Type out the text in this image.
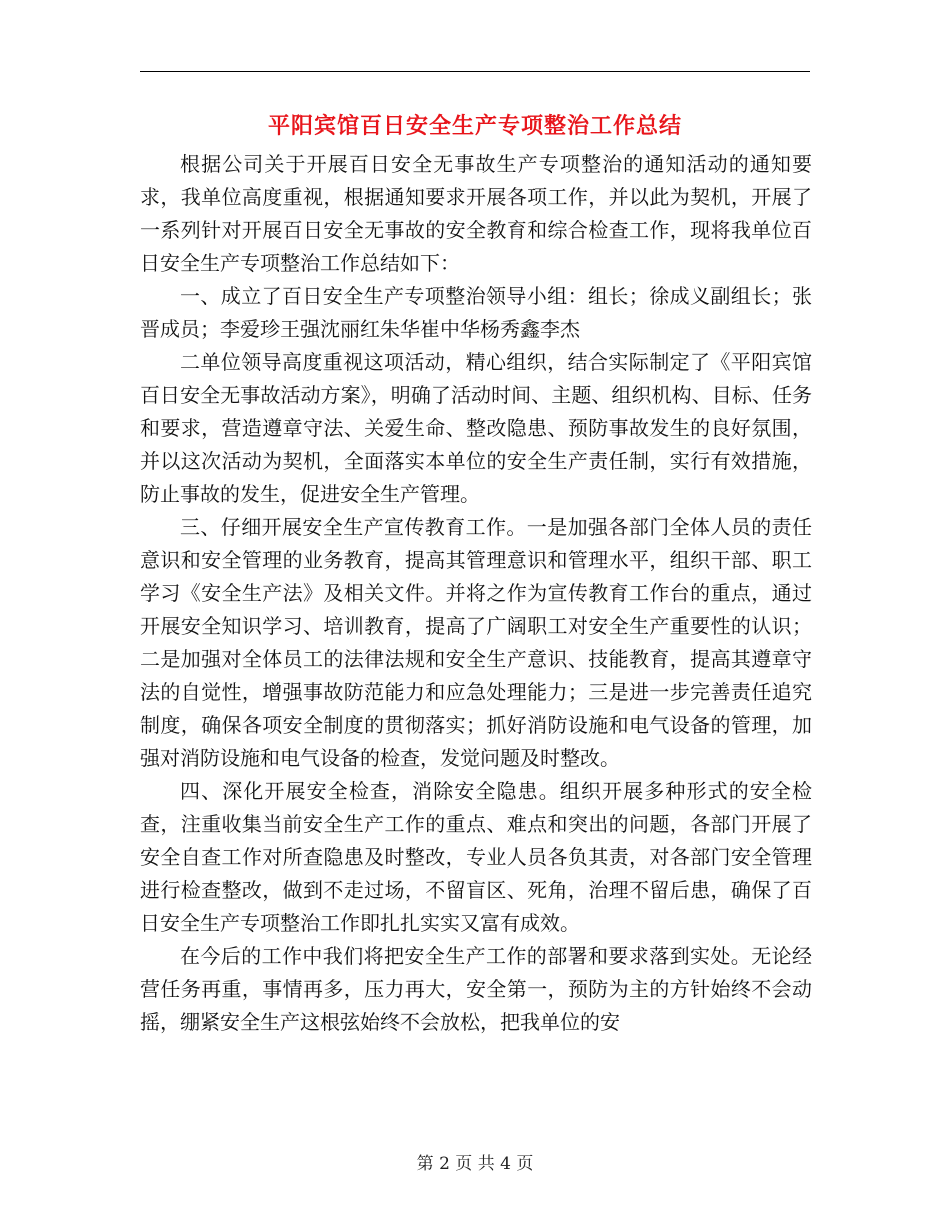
平阳宾馆百日安全生产专项整治工作总结

根据公司关于开展百日安全无事故生产专项整治的通知活动的通知要求，我单位高度重视，根据通知要求开展各项工作，并以此为契机，开展了一系列针对开展百日安全无事故的安全教育和综合检查工作，现将我单位百日安全生产专项整治工作总结如下：

一、成立了百日安全生产专项整治领导小组：组长；徐成义副组长；张晋成员；李爱珍王强沈丽红朱华崔中华杨秀鑫李杰

二单位领导高度重视这项活动，精心组织，结合实际制定了《平阳宾馆百日安全无事故活动方案》，明确了活动时间、主题、组织机构、目标、任务和要求，营造遵章守法、关爱生命、整改隐患、预防事故发生的良好氛围，并以这次活动为契机，全面落实本单位的安全生产责任制，实行有效措施，防止事故的发生，促进安全生产管理。

三、仔细开展安全生产宣传教育工作。一是加强各部门全体人员的责任意识和安全管理的业务教育，提高其管理意识和管理水平，组织干部、职工学习《安全生产法》及相关文件。并将之作为宣传教育工作台的重点，通过开展安全知识学习、培训教育，提高了广阔职工对安全生产重要性的认识；二是加强对全体员工的法律法规和安全生产意识、技能教育，提高其遵章守法的自觉性，增强事故防范能力和应急处理能力；三是进一步完善责任追究制度，确保各项安全制度的贯彻落实；抓好消防设施和电气设备的管理，加强对消防设施和电气设备的检查，发觉问题及时整改。

四、深化开展安全检查，消除安全隐患。组织开展多种形式的安全检查，注重收集当前安全生产工作的重点、难点和突出的问题，各部门开展了安全自查工作对所查隐患及时整改，专业人员各负其责，对各部门安全管理进行检查整改，做到不走过场，不留盲区、死角，治理不留后患，确保了百日安全生产专项整治工作即扎扎实实又富有成效。

在今后的工作中我们将把安全生产工作的部署和要求落到实处。无论经营任务再重，事情再多，压力再大，安全第一，预防为主的方针始终不会动摇，绷紧安全生产这根弦始终不会放松，把我单位的安

第 2 页 共 4 页
